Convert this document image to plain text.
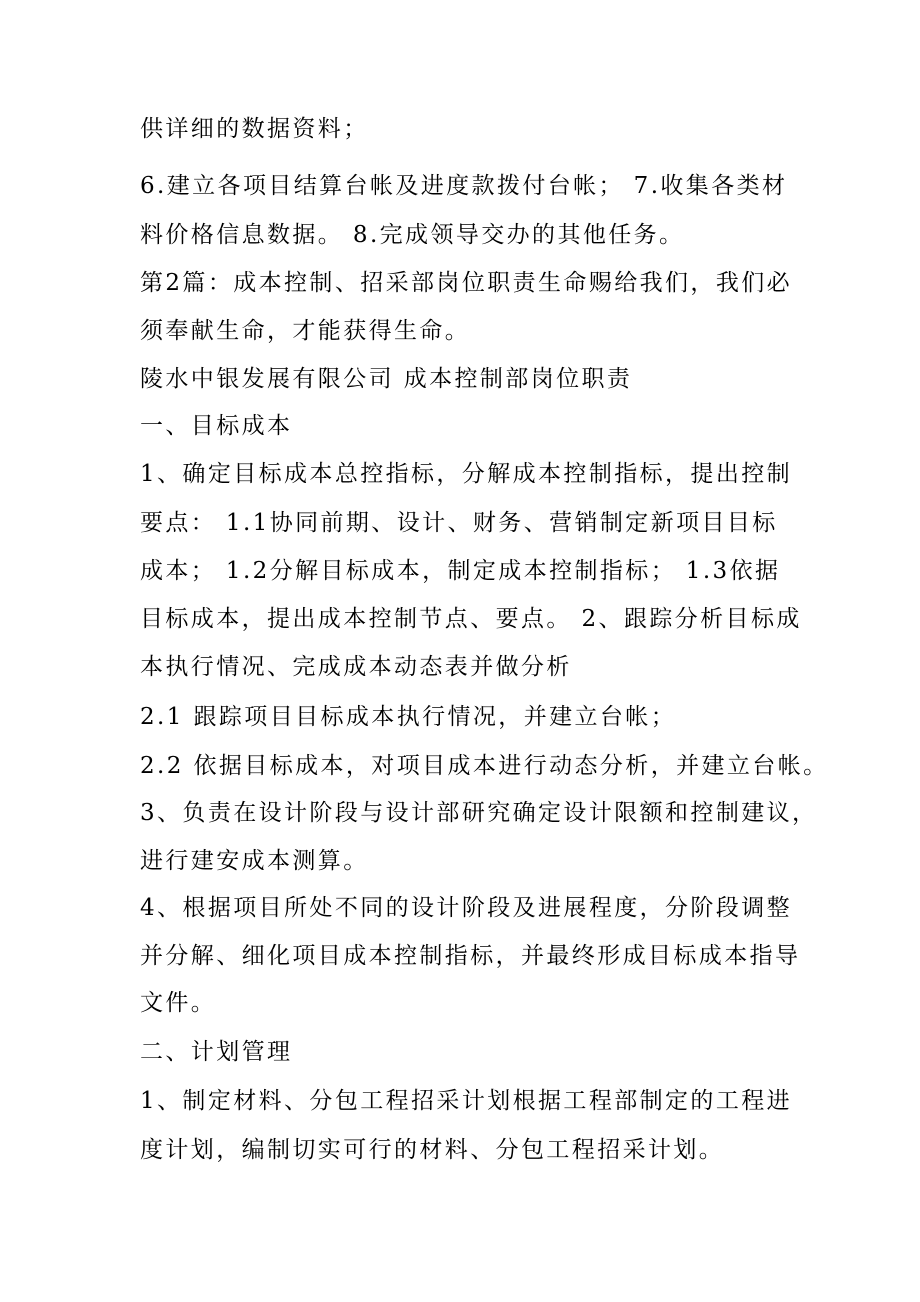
供详细的数据资料；
6.建立各项目结算台帐及进度款拨付台帐； 7.收集各类材
料价格信息数据。 8.完成领导交办的其他任务。
第2篇：成本控制、招采部岗位职责生命赐给我们，我们必
须奉献生命，才能获得生命。
陵水中银发展有限公司 成本控制部岗位职责
一、目标成本
1、确定目标成本总控指标，分解成本控制指标，提出控制
要点： 1.1协同前期、设计、财务、营销制定新项目目标
成本； 1.2分解目标成本，制定成本控制指标； 1.3依据
目标成本，提出成本控制节点、要点。 2、跟踪分析目标成
本执行情况、完成成本动态表并做分析
2.1 跟踪项目目标成本执行情况，并建立台帐；
2.2 依据目标成本，对项目成本进行动态分析，并建立台帐。
3、负责在设计阶段与设计部研究确定设计限额和控制建议，
进行建安成本测算。
4、根据项目所处不同的设计阶段及进展程度，分阶段调整
并分解、细化项目成本控制指标，并最终形成目标成本指导
文件。
二、计划管理
1、制定材料、分包工程招采计划根据工程部制定的工程进
度计划，编制切实可行的材料、分包工程招采计划。
